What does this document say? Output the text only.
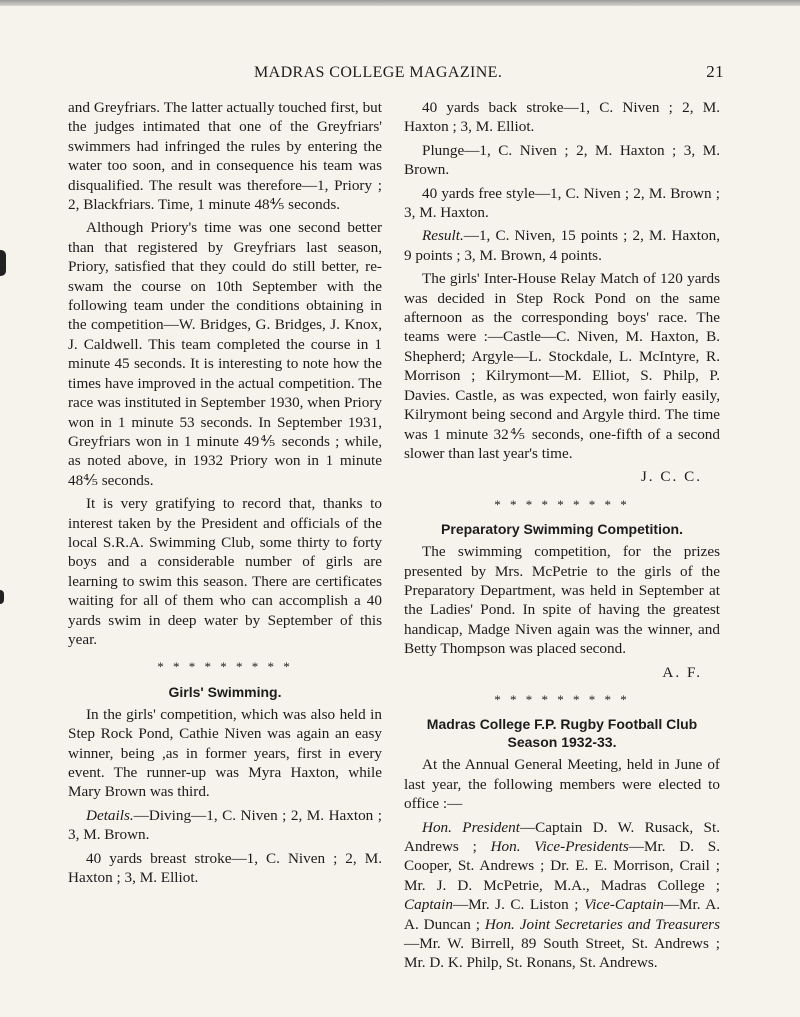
MADRAS COLLEGE MAGAZINE.	21

and Greyfriars. The latter actually touched first, but the judges intimated that one of the Greyfriars' swimmers had infringed the rules by entering the water too soon, and in consequence his team was disqualified. The result was therefore—1, Priory ; 2, Blackfriars. Time, 1 minute 48⅘ seconds.

Although Priory's time was one second better than that registered by Greyfriars last season, Priory, satisfied that they could do still better, re-swam the course on 10th September with the following team under the conditions obtaining in the competition—W. Bridges, G. Bridges, J. Knox, J. Caldwell. This team completed the course in 1 minute 45 seconds. It is interesting to note how the times have improved in the actual competition. The race was instituted in September 1930, when Priory won in 1 minute 53 seconds. In September 1931, Greyfriars won in 1 minute 49⅘ seconds ; while, as noted above, in 1932 Priory won in 1 minute 48⅘ seconds.

It is very gratifying to record that, thanks to interest taken by the President and officials of the local S.R.A. Swimming Club, some thirty to forty boys and a considerable number of girls are learning to swim this season. There are certificates waiting for all of them who can accomplish a 40 yards swim in deep water by September of this year.

* * * * * * * * *
Girls' Swimming.

In the girls' competition, which was also held in Step Rock Pond, Cathie Niven was again an easy winner, being ,as in former years, first in every event. The runner-up was Myra Haxton, while Mary Brown was third.

Details.—Diving—1, C. Niven ; 2, M. Haxton ; 3, M. Brown.

40 yards breast stroke—1, C. Niven ; 2, M. Haxton ; 3, M. Elliot.

40 yards back stroke—1, C. Niven ; 2, M. Haxton ; 3, M. Elliot.

Plunge—1, C. Niven ; 2, M. Haxton ; 3, M. Brown.

40 yards free style—1, C. Niven ; 2, M. Brown ; 3, M. Haxton.

Result.—1, C. Niven, 15 points ; 2, M. Haxton, 9 points ; 3, M. Brown, 4 points.

The girls' Inter-House Relay Match of 120 yards was decided in Step Rock Pond on the same afternoon as the corresponding boys' race. The teams were :—Castle—C. Niven, M. Haxton, B. Shepherd; Argyle—L. Stockdale, L. McIntyre, R. Morrison ; Kilrymont—M. Elliot, S. Philp, P. Davies. Castle, as was expected, won fairly easily, Kilrymont being second and Argyle third. The time was 1 minute 32⅘ seconds, one-fifth of a second slower than last year's time.

J. C. C.
* * * * * * * * *
Preparatory Swimming Competition.

The swimming competition, for the prizes presented by Mrs. McPetrie to the girls of the Preparatory Department, was held in September at the Ladies' Pond. In spite of having the greatest handicap, Madge Niven again was the winner, and Betty Thompson was placed second.

A. F.
* * * * * * * * *
Madras College F.P. Rugby Football Club
Season 1932-33.

At the Annual General Meeting, held in June of last year, the following members were elected to office :—

Hon. President—Captain D. W. Rusack, St. Andrews ; Hon. Vice-Presidents—Mr. D. S. Cooper, St. Andrews ; Dr. E. E. Morrison, Crail ; Mr. J. D. McPetrie, M.A., Madras College ; Captain—Mr. J. C. Liston ; Vice-Captain—Mr. A. A. Duncan ; Hon. Joint Secretaries and Treasurers—Mr. W. Birrell, 89 South Street, St. Andrews ; Mr. D. K. Philp, St. Ronans, St. Andrews.
